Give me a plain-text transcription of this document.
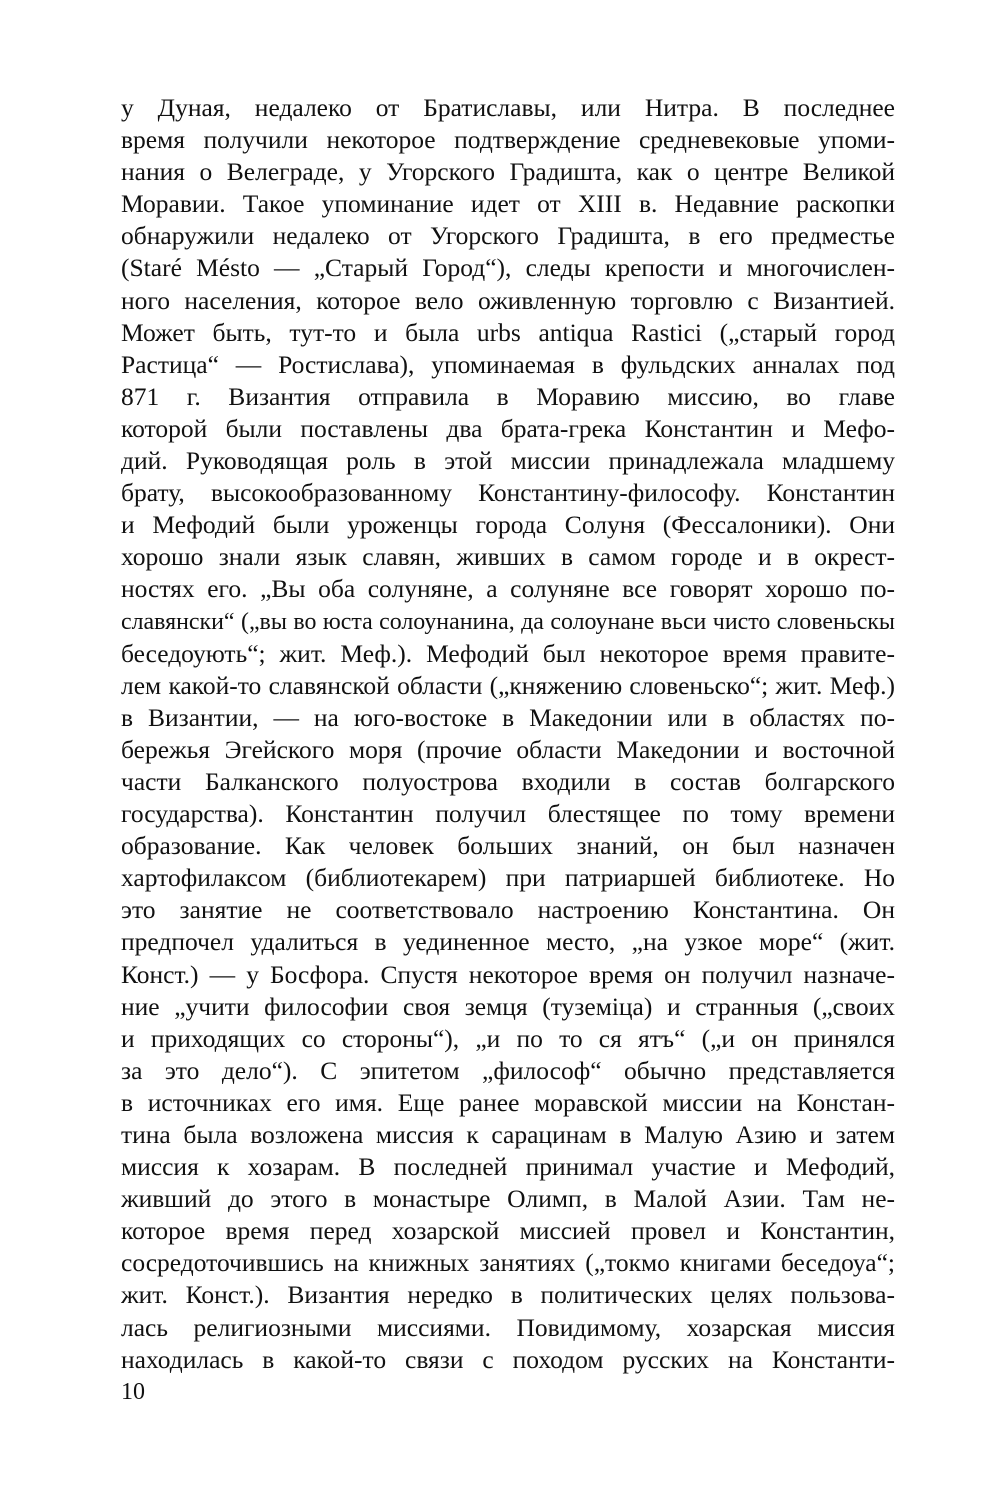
у Дуная, недалеко от Братиславы, или Нитра. В последнее
время получили некоторое подтверждение средневековые упоми-
нания о Велеграде, у Угорского Градишта, как о центре Великой
Моравии. Такое упоминание идет от XIII в. Недавние раскопки
обнаружили недалеко от Угорского Градишта, в его предместье
(Staré Mésto — „Старый Город“), следы крепости и многочислен-
ного населения, которое вело оживленную торговлю с Византией.
Может быть, тут-то и была urbs antiqua Rastici („старый город
Растица“ — Ростислава), упоминаемая в фульдских анналах под
871 г. Византия отправила в Моравию миссию, во главе
которой были поставлены два брата-грека Константин и Мефо-
дий. Руководящая роль в этой миссии принадлежала младшему
брату, высокообразованному Константину-философу. Константин
и Мефодий были уроженцы города Солуня (Фессалоники). Они
хорошо знали язык славян, живших в самом городе и в окрест-
ностях его. „Вы оба солуняне, а солуняне все говорят хорошо по-
славянски“ („вы во юста солоунанина, да солоунане вьси чисто словеньскы
беседоують“; жит. Меф.). Мефодий был некоторое время правите-
лем какой-то славянской области („княжению словеньско“; жит. Меф.)
в Византии, — на юго-востоке в Македонии или в областях по-
бережья Эгейского моря (прочие области Македонии и восточной
части Балканского полуострова входили в состав болгарского
государства). Константин получил блестящее по тому времени
образование. Как человек больших знаний, он был назначен
хартофилаксом (библиотекарем) при патриаршей библиотеке. Но
это занятие не соответствовало настроению Константина. Он
предпочел удалиться в уединенное место, „на узкое море“ (жит.
Конст.) — у Босфора. Спустя некоторое время он получил назначе-
ние „учити философии своя земця (туземіца) и странныя („своих
и приходящих со стороны“), „и по то ся ятъ“ („и он принялся
за это дело“). С эпитетом „философ“ обычно представляется
в источниках его имя. Еще ранее моравской миссии на Констан-
тина была возложена миссия к сарацинам в Малую Азию и затем
миссия к хозарам. В последней принимал участие и Мефодий,
живший до этого в монастыре Олимп, в Малой Азии. Там не-
которое время перед хозарской миссией провел и Константин,
сосредоточившись на книжных занятиях („токмо книгами беседоуа“;
жит. Конст.). Византия нередко в политических целях пользова-
лась религиозными миссиями. Повидимому, хозарская миссия
находилась в какой-то связи с походом русских на Константи-
10
